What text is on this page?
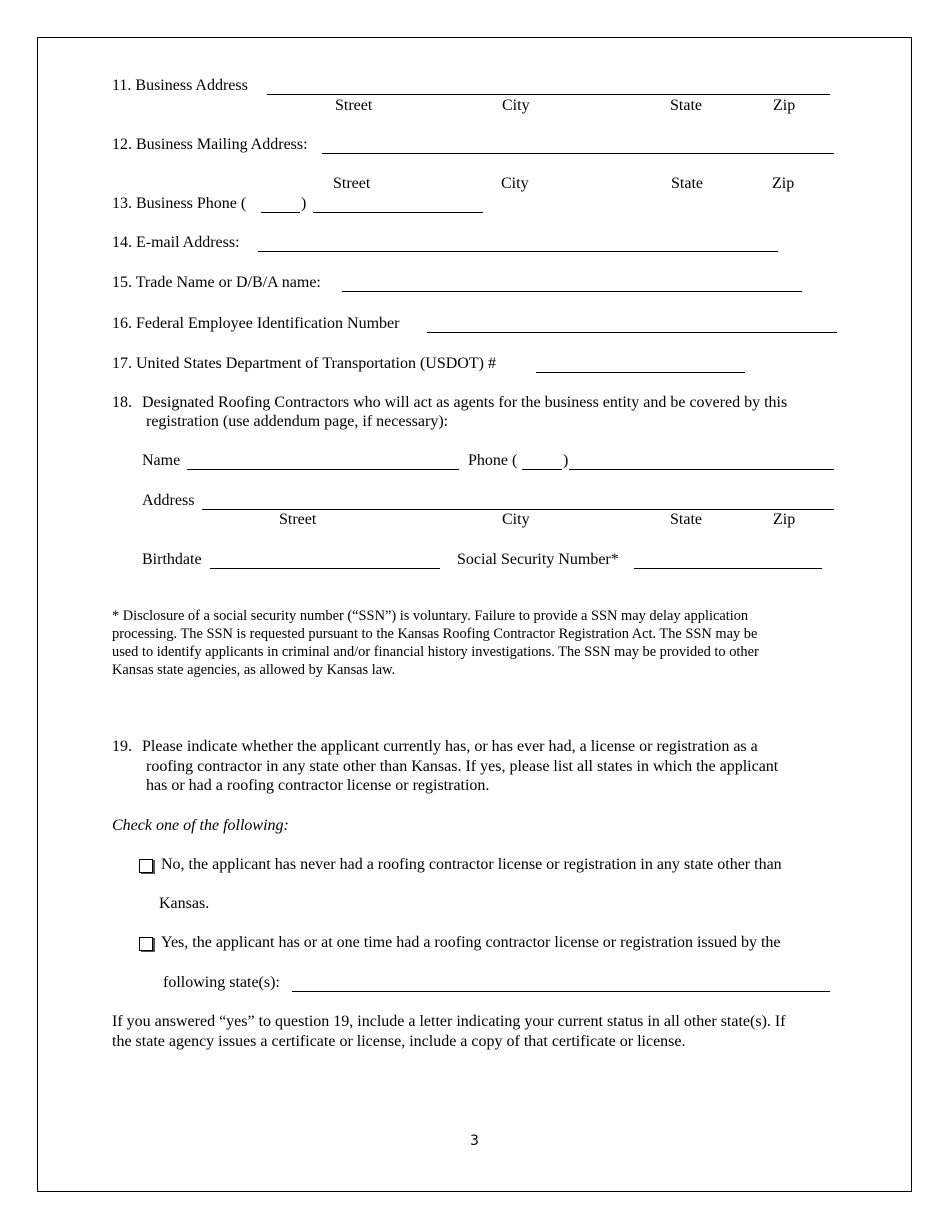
11. Business Address
Street	City	State	Zip
12. Business Mailing Address:
Street	City	State	Zip
13. Business Phone (	)
14. E-mail Address:
15. Trade Name or D/B/A name:
16. Federal Employee Identification Number
17. United States Department of Transportation (USDOT) #
18. Designated Roofing Contractors who will act as agents for the business entity and be covered by this
registration (use addendum page, if necessary):
Name	Phone (	)
Address
Street	City	State	Zip
Birthdate	Social Security Number*
* Disclosure of a social security number (“SSN”) is voluntary. Failure to provide a SSN may delay application
processing. The SSN is requested pursuant to the Kansas Roofing Contractor Registration Act. The SSN may be
used to identify applicants in criminal and/or financial history investigations. The SSN may be provided to other
Kansas state agencies, as allowed by Kansas law.
19. Please indicate whether the applicant currently has, or has ever had, a license or registration as a
roofing contractor in any state other than Kansas. If yes, please list all states in which the applicant
has or had a roofing contractor license or registration.
Check one of the following:
No, the applicant has never had a roofing contractor license or registration in any state other than
Kansas.
Yes, the applicant has or at one time had a roofing contractor license or registration issued by the
following state(s):
If you answered “yes” to question 19, include a letter indicating your current status in all other state(s). If
the state agency issues a certificate or license, include a copy of that certificate or license.
3
